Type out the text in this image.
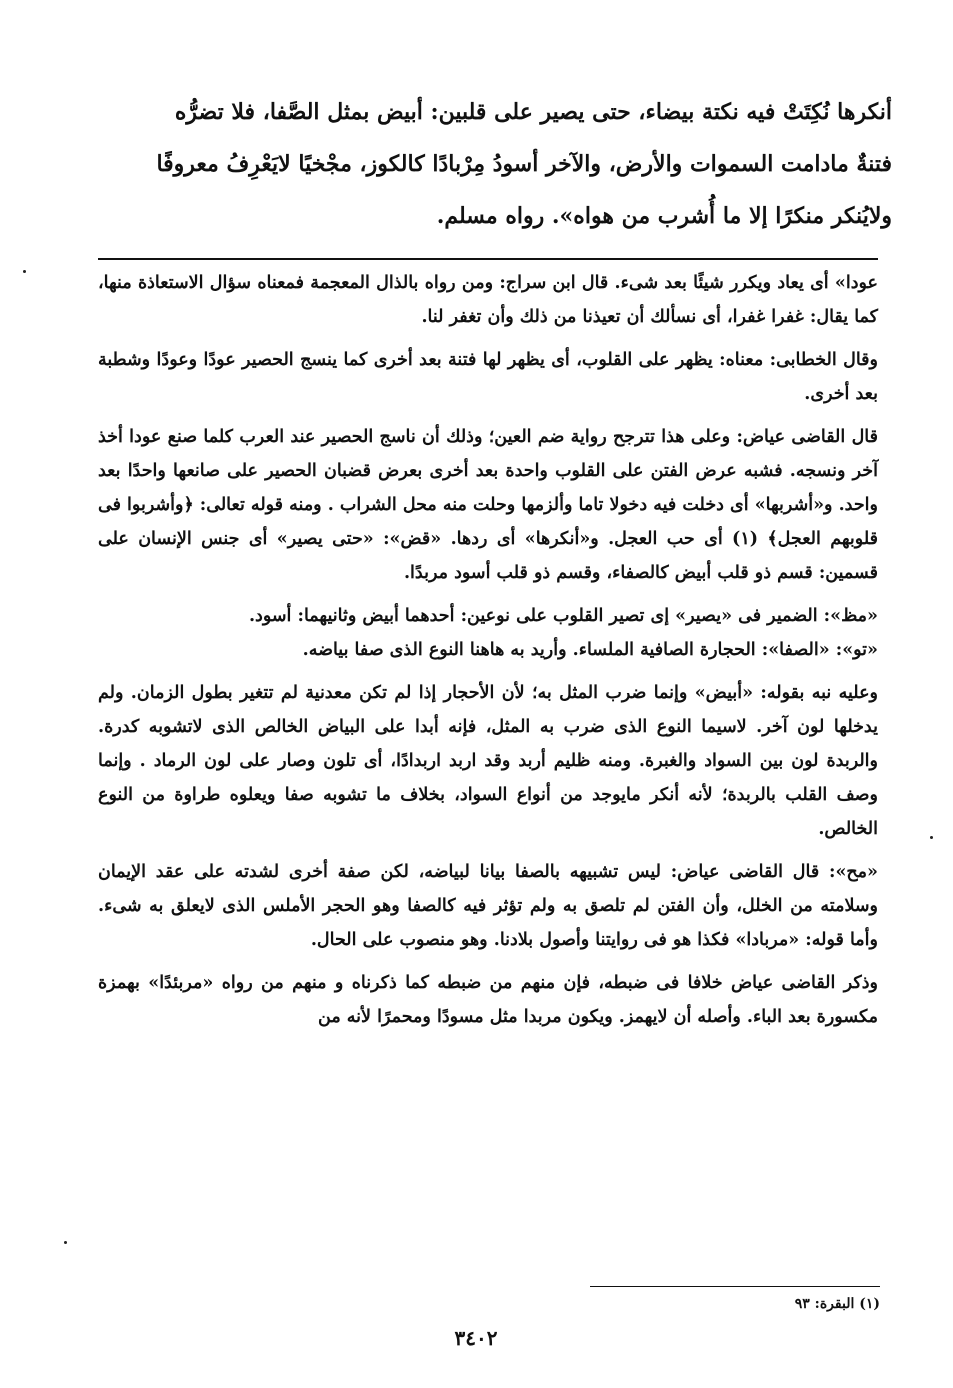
أنكرها نُكِتَتْ فيه نكتة بيضاء، حتى يصير على قلبين: أبيض بمثل الصَّفا، فلا تضرُّه

فتنةٌ مادامت السموات والأرض، والآخر أسودُ مِرْبادًا كالكوز، مجْخيًا لايَعْرِفُ معروفًا

ولايُنكر منكرًا إلا ما أُشرب من هواه». رواه مسلم.

عودا» أى يعاد ويكرر شيئًا بعد شىء. قال ابن سراج: ومن رواه بالذال المعجمة فمعناه سؤال الاستعاذة منها، كما يقال: غفرا غفرا، أى نسألك أن تعيذنا من ذلك وأن تغفر لنا.

وقال الخطابى: معناه: يظهر على القلوب، أى يظهر لها فتنة بعد أخرى كما ينسج الحصير عودًا وعودًا وشطبة بعد أخرى.

قال القاضى عياض: وعلى هذا تترجح رواية ضم العين؛ وذلك أن ناسج الحصير عند العرب كلما صنع عودا أخذ آخر ونسجه. فشبه عرض الفتن على القلوب واحدة بعد أخرى بعرض قضبان الحصير على صانعها واحدًا بعد واحد. و«أشربها» أى دخلت فيه دخولا تاما وألزمها وحلت منه محل الشراب . ومنه قوله تعالى: ﴿وأشربوا فى قلوبهم العجل﴾ (١) أى حب العجل. و«أنكرها» أى ردها. «قض»: «حتى يصير» أى جنس الإنسان على قسمين: قسم ذو قلب أبيض كالصفاء، وقسم ذو قلب أسود مربدًا.

«مظ»: الضمير فى «يصير» إى تصير القلوب على نوعين: أحدهما أبيض وثانيهما: أسود.

«تو»: «الصفا»: الحجارة الصافية الملساء. وأريد به هاهنا النوع الذى صفا بياضه.

وعليه نبه بقوله: «أبيض» وإنما ضرب المثل به؛ لأن الأحجار إذا لم تكن معدنية لم تتغير بطول الزمان. ولم يدخلها لون آخر. لاسيما النوع الذى ضرب به المثل، فإنه أبدا على البياض الخالص الذى لاتشوبه كدرة. والربدة لون بين السواد والغبرة. ومنه ظليم أربد وقد اربد اربدادًا، أى تلون وصار على لون الرماد . وإنما وصف القلب بالربدة؛ لأنه أنكر مايوجد من أنواع السواد، بخلاف ما تشوبه صفا ويعلوه طراوة من النوع الخالص.

«مح»: قال القاضى عياض: ليس تشبيهه بالصفا بيانا لبياضه، لكن صفة أخرى لشدته على عقد الإيمان وسلامته من الخلل، وأن الفتن لم تلصق به ولم تؤثر فيه كالصفا وهو الحجر الأملس الذى لايعلق به شىء. وأما قوله: «مربادا» فكذا هو فى روايتنا وأصول بلادنا. وهو منصوب على الحال.

وذكر القاضى عياض خلافا فى ضبطه، فإن منهم من ضبطه كما ذكرناه و منهم من رواه «مربئدًا» بهمزة مكسورة بعد الباء. وأصله أن لايهمز. ويكون مربدا مثل مسودًا ومحمرًا لأنه من

(١) البقرة: ٩٣
٣٤٠٢
